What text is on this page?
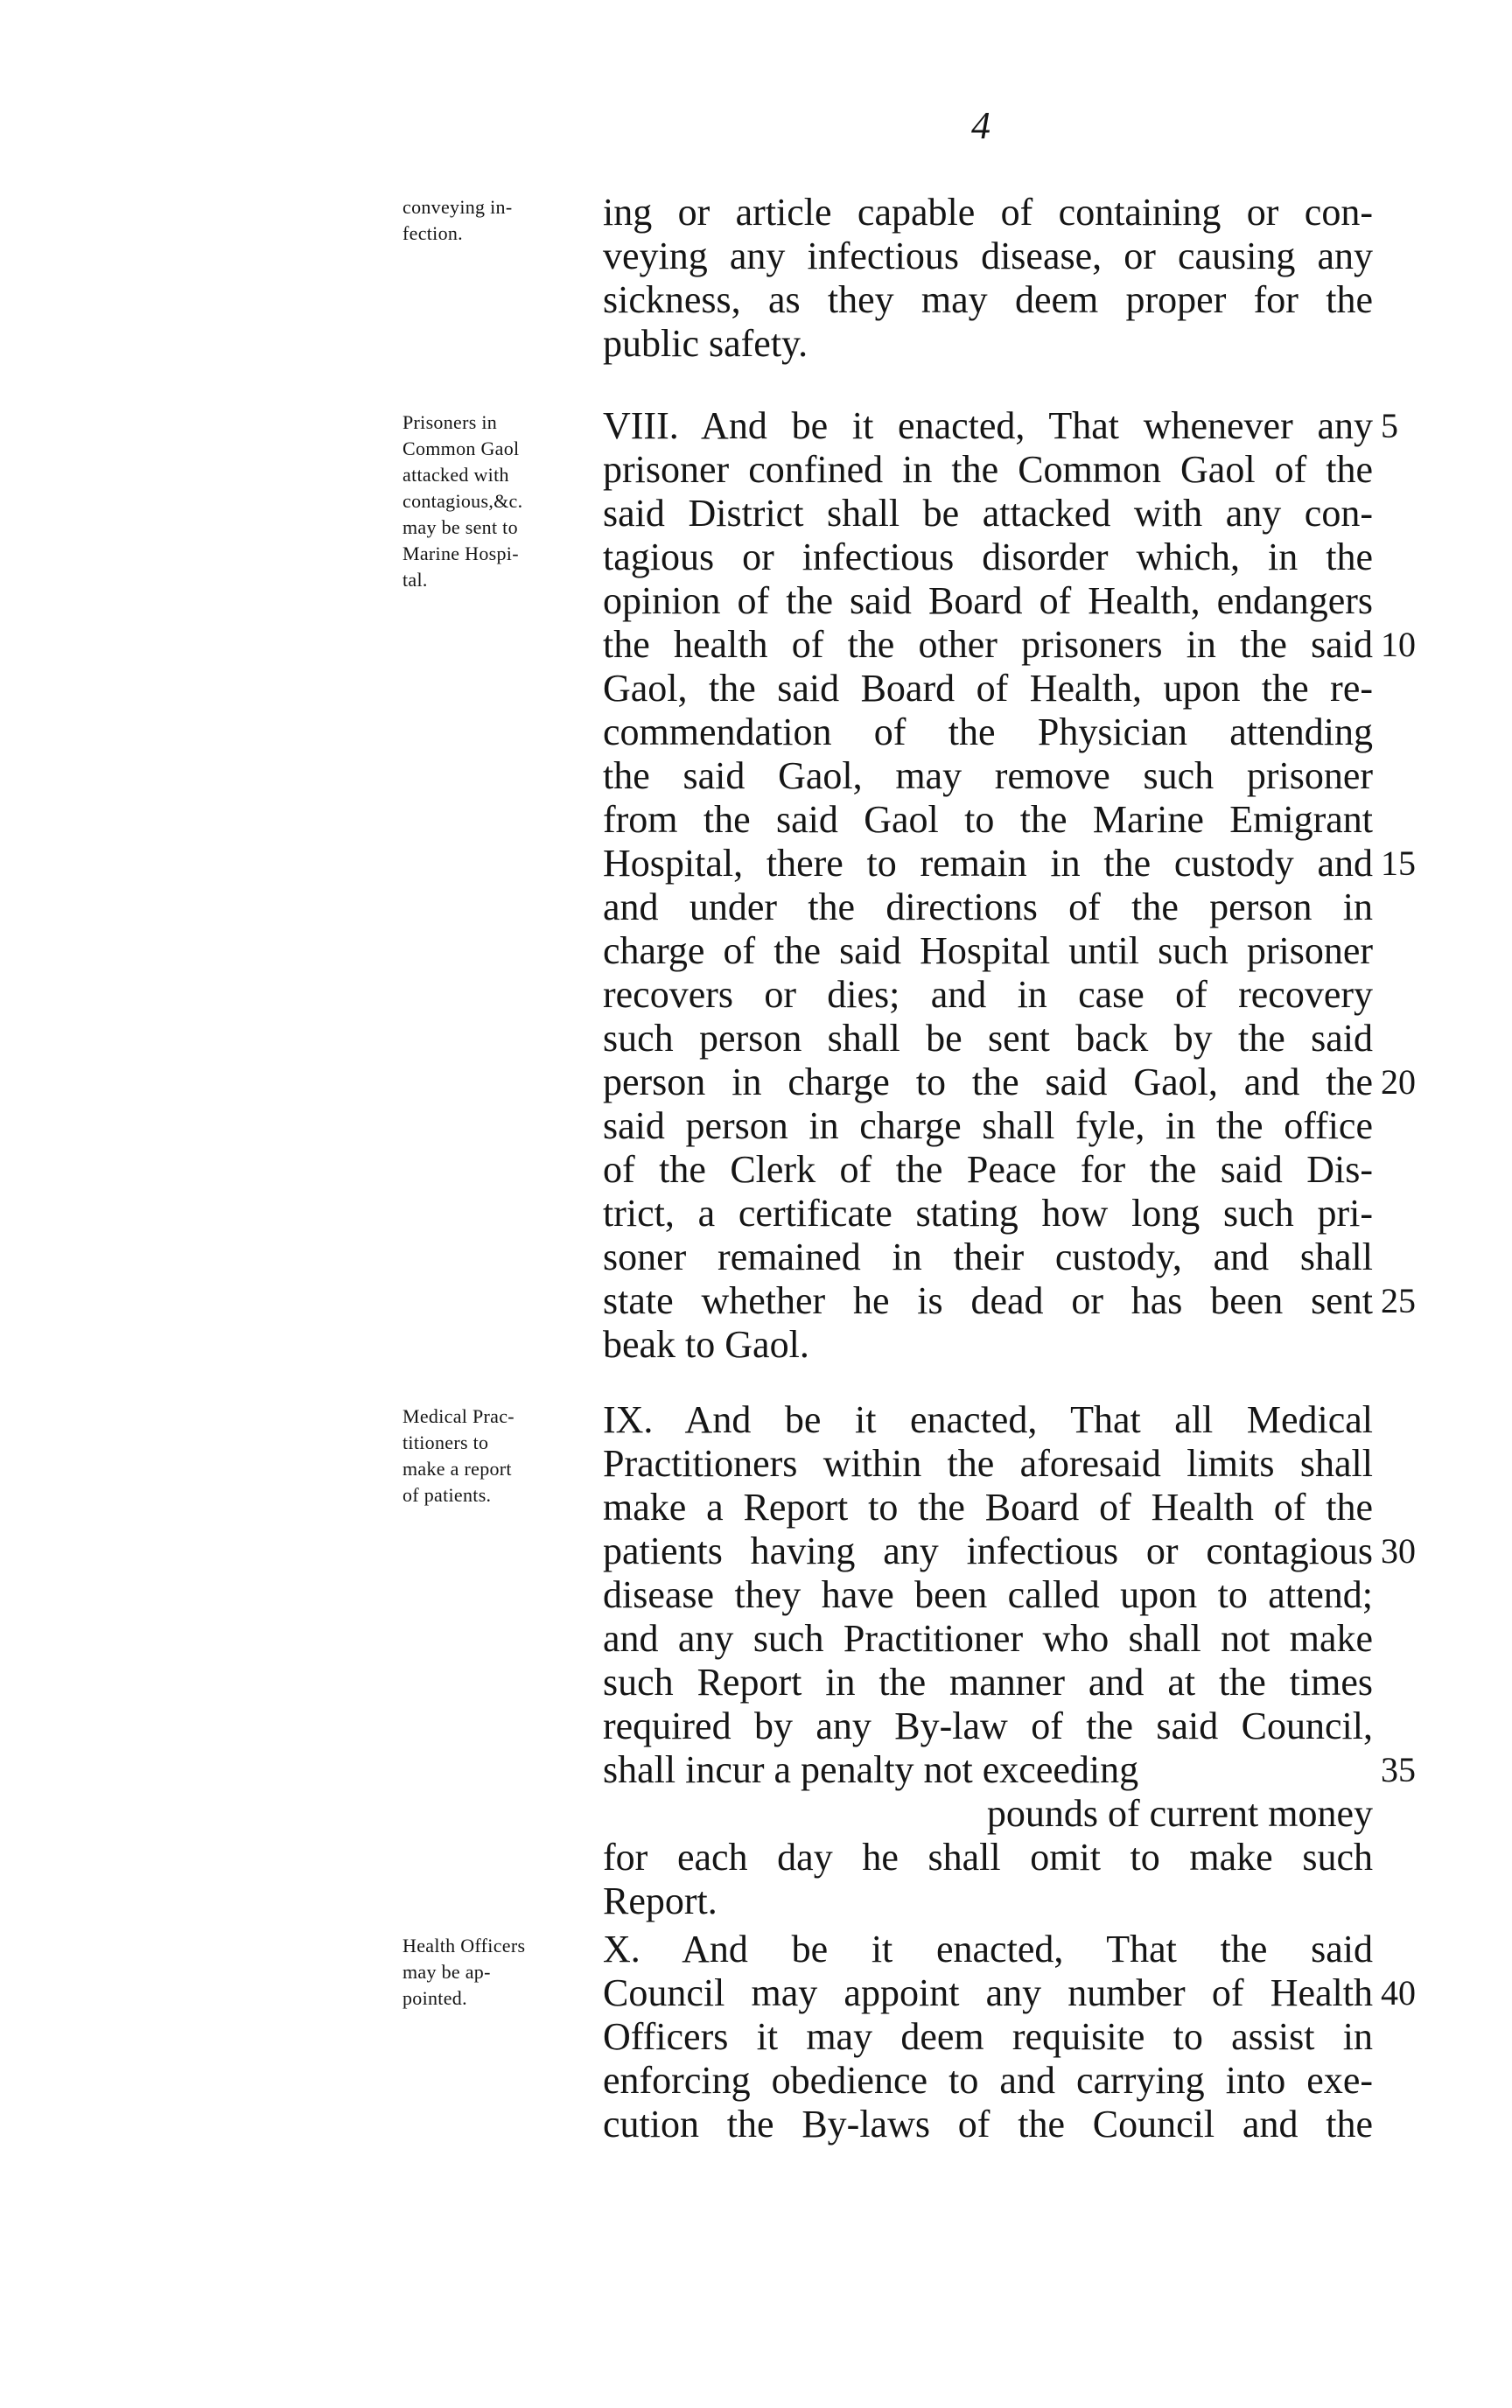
4
conveying in-
fection.	ing or article capable of containing or con-
veying any infectious disease, or causing any
sickness, as they may deem proper for the
public safety.
Prisoners in
Common Gaol
attacked with
contagious,&c.
may be sent to
Marine Hospi-
tal.
VIII. And be it enacted, That whenever any
prisoner confined in the Common Gaol of the
said District shall be attacked with any con-
tagious or infectious disorder which, in the
opinion of the said Board of Health, endangers
the health of the other prisoners in the said
Gaol, the said Board of Health, upon the re-
commendation of the Physician attending
the said Gaol, may remove such prisoner
from the said Gaol to the Marine Emigrant
Hospital, there to remain in the custody and
and under the directions of the person in
charge of the said Hospital until such prisoner
recovers or dies; and in case of recovery
such person shall be sent back by the said
person in charge to the said Gaol, and the
said person in charge shall fyle, in the office
of the Clerk of the Peace for the said Dis-
trict, a certificate stating how long such pri-
soner remained in their custody, and shall
state whether he is dead or has been sent
beak to Gaol.
5
10
15
20
25
Medical Prac-
titioners to
make a report
of patients.
IX. And be it enacted, That all Medical
Practitioners within the aforesaid limits shall
make a Report to the Board of Health of the
patients having any infectious or contagious
disease they have been called upon to attend;
and any such Practitioner who shall not make
such Report in the manner and at the times
required by any By-law of the said Council,
shall incur a penalty not exceeding
pounds of current money
for each day he shall omit to make such
Report.
30
35
Health Officers
may be ap-
pointed.
X. And be it enacted, That the said
Council may appoint any number of Health
Officers it may deem requisite to assist in
enforcing obedience to and carrying into exe-
cution the By-laws of the Council and the
40
